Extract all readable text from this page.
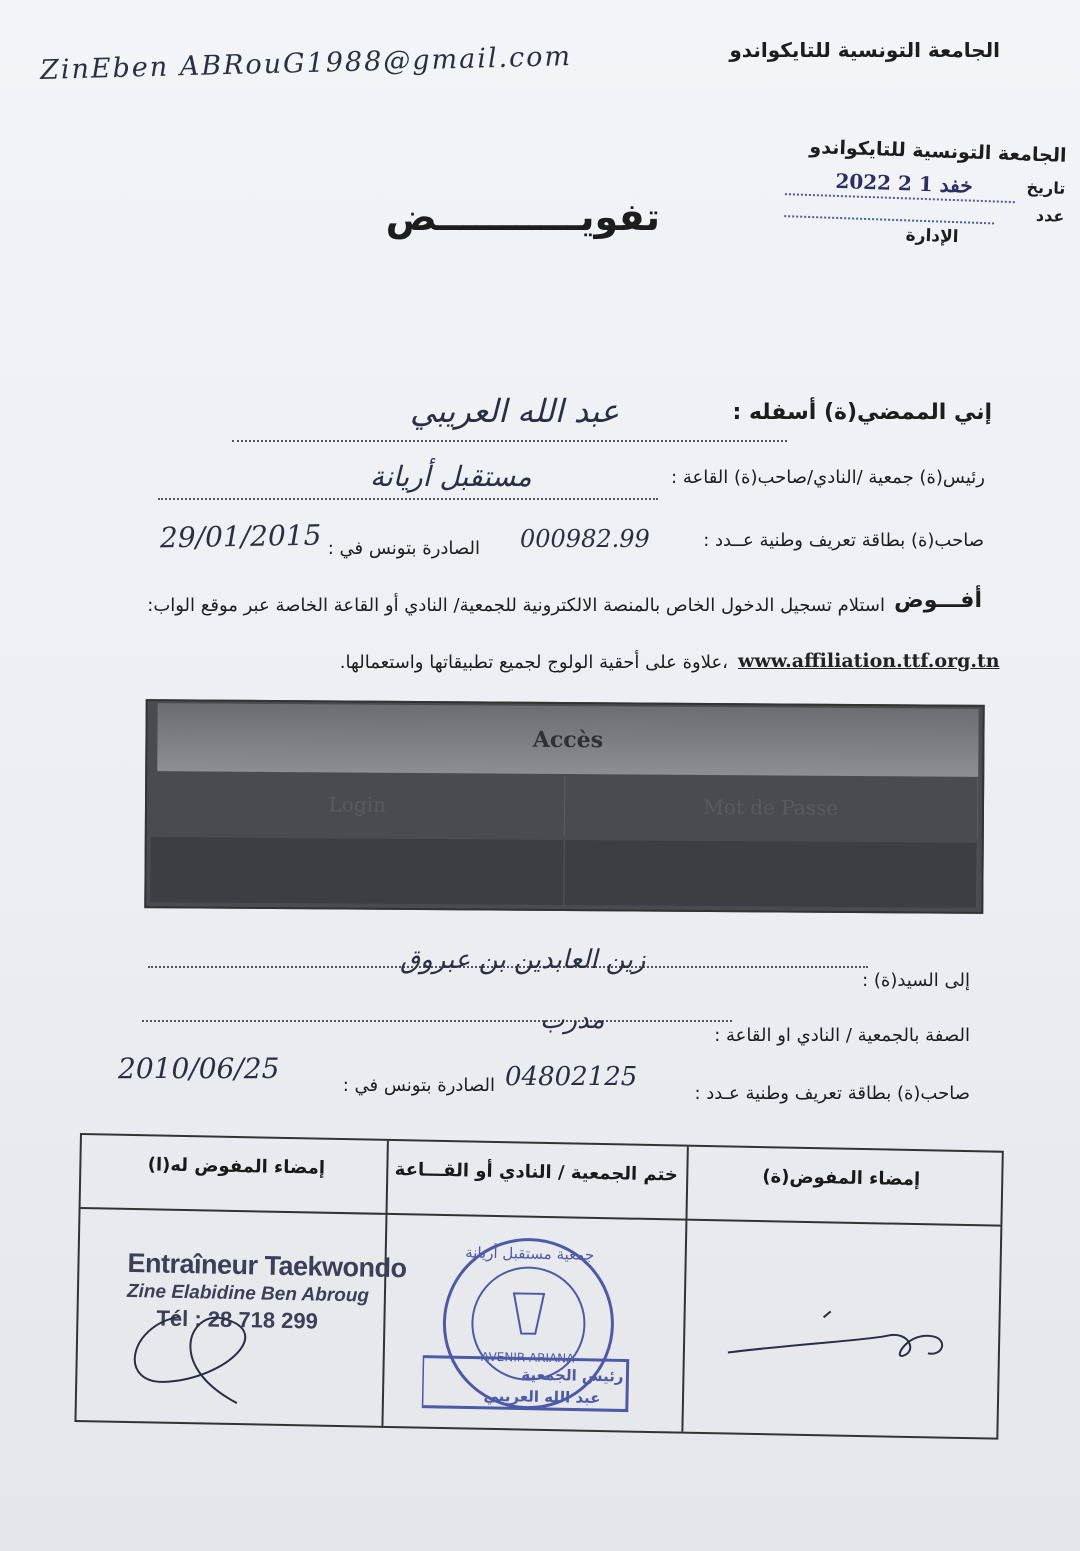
ZinEben ABRouG1988@gmail.com	الجامعة التونسية للتايكواندو
الجامعة التونسية للتايكواندو
تاريخ
2022 خفد 1 2
عدد
الإدارة
تفويـــــــــــض
إني الممضي(ة) أسفله :
عبد الله العريبي
رئيس(ة) جمعية /النادي/صاحب(ة) القاعة :
مستقبل أريانة
صاحب(ة) بطاقة تعريف وطنية عــدد :
000982.99
الصادرة بتونس في :
29/01/2015
أفـــوض
استلام تسجيل الدخول الخاص بالمنصة الالكترونية للجمعية/ النادي أو القاعة الخاصة عبر موقع الواب:
www.affiliation.ttf.org.tn
،علاوة على أحقية الولوج لجميع تطبيقاتها واستعمالها.
Accès
Login	Mot de Passe
إلى السيد(ة) :
زين العابدين بن عبروق
الصفة بالجمعية / النادي او القاعة :
مدرب
صاحب(ة) بطاقة تعريف وطنية عـدد :
04802125
الصادرة بتونس في :
2010/06/25
إمضاء المفوض له(ا)	ختم الجمعية / النادي أو القـــاعة	إمضاء المفوض(ة)
Entraîneur Taekwondo
Zine Elabidine Ben Abroug
Tél : 28 718 299
جمعية مستقبل أريانة
AVENIR ARIANA
رئيس الجمعية
عبد الله العريبي
